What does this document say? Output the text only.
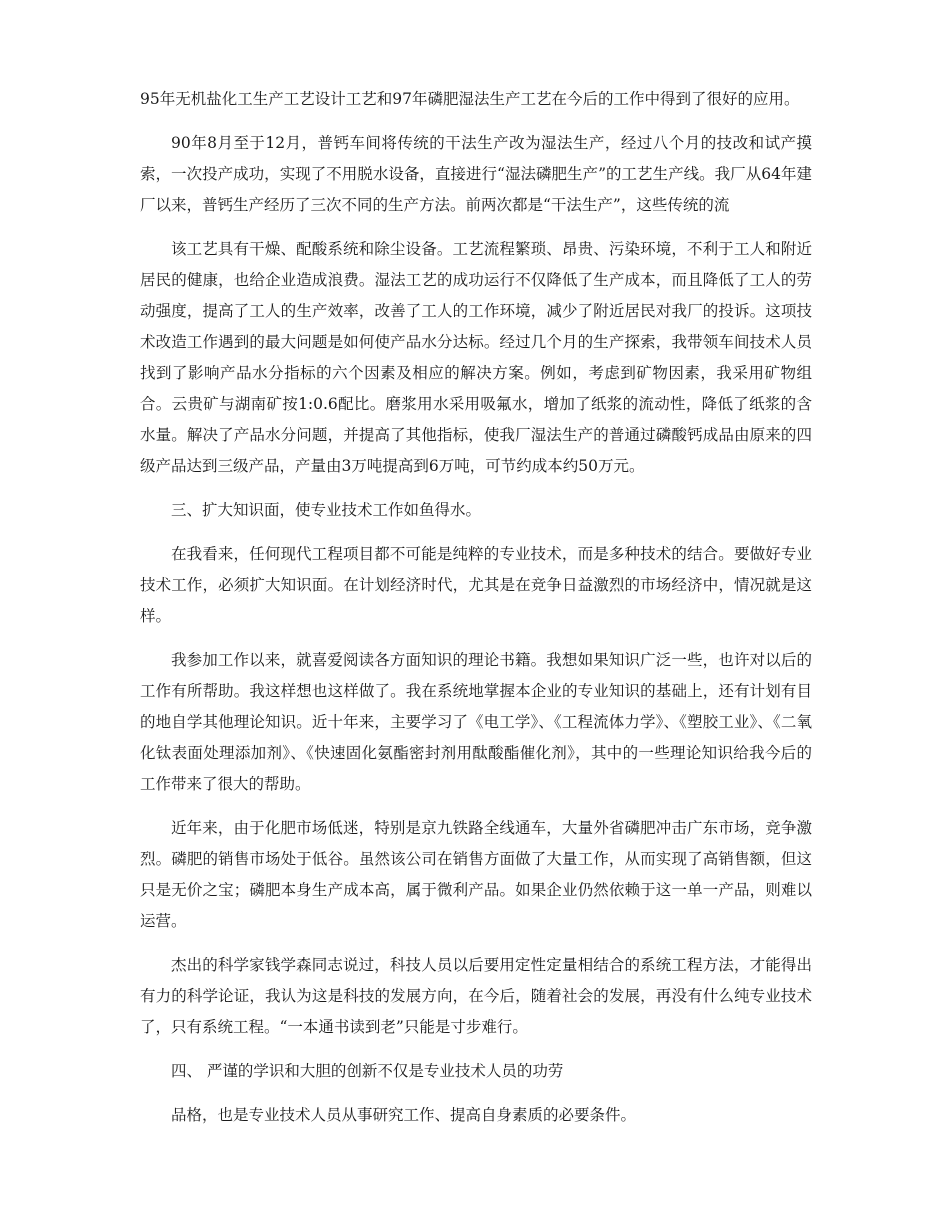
95年无机盐化工生产工艺设计工艺和97年磷肥湿法生产工艺在今后的工作中得到了很好的应用。

90年8月至于12月，普钙车间将传统的干法生产改为湿法生产，经过八个月的技改和试产摸索，一次投产成功，实现了不用脱水设备，直接进行“湿法磷肥生产”的工艺生产线。我厂从64年建厂以来，普钙生产经历了三次不同的生产方法。前两次都是“干法生产”，这些传统的流

该工艺具有干燥、配酸系统和除尘设备。工艺流程繁琐、昂贵、污染环境，不利于工人和附近居民的健康，也给企业造成浪费。湿法工艺的成功运行不仅降低了生产成本，而且降低了工人的劳动强度，提高了工人的生产效率，改善了工人的工作环境，减少了附近居民对我厂的投诉。这项技术改造工作遇到的最大问题是如何使产品水分达标。经过几个月的生产探索，我带领车间技术人员找到了影响产品水分指标的六个因素及相应的解决方案。例如，考虑到矿物因素，我采用矿物组合。云贵矿与湖南矿按1:0.6配比。磨浆用水采用吸氟水，增加了纸浆的流动性，降低了纸浆的含水量。解决了产品水分问题，并提高了其他指标，使我厂湿法生产的普通过磷酸钙成品由原来的四级产品达到三级产品，产量由3万吨提高到6万吨，可节约成本约50万元。

三、扩大知识面，使专业技术工作如鱼得水。

在我看来，任何现代工程项目都不可能是纯粹的专业技术，而是多种技术的结合。要做好专业技术工作，必须扩大知识面。在计划经济时代，尤其是在竞争日益激烈的市场经济中，情况就是这样。

我参加工作以来，就喜爱阅读各方面知识的理论书籍。我想如果知识广泛一些，也许对以后的工作有所帮助。我这样想也这样做了。我在系统地掌握本企业的专业知识的基础上，还有计划有目的地自学其他理论知识。近十年来，主要学习了《电工学》、《工程流体力学》、《塑胶工业》、《二氧化钛表面处理添加剂》、《快速固化氨酯密封剂用酞酸酯催化剂》，其中的一些理论知识给我今后的工作带来了很大的帮助。

近年来，由于化肥市场低迷，特别是京九铁路全线通车，大量外省磷肥冲击广东市场，竞争激烈。磷肥的销售市场处于低谷。虽然该公司在销售方面做了大量工作，从而实现了高销售额，但这只是无价之宝；磷肥本身生产成本高，属于微利产品。如果企业仍然依赖于这一单一产品，则难以运营。

杰出的科学家钱学森同志说过，科技人员以后要用定性定量相结合的系统工程方法，才能得出有力的科学论证，我认为这是科技的发展方向，在今后，随着社会的发展，再没有什么纯专业技术了，只有系统工程。“一本通书读到老”只能是寸步难行。

四、 严谨的学识和大胆的创新不仅是专业技术人员的功劳

品格，也是专业技术人员从事研究工作、提高自身素质的必要条件。
